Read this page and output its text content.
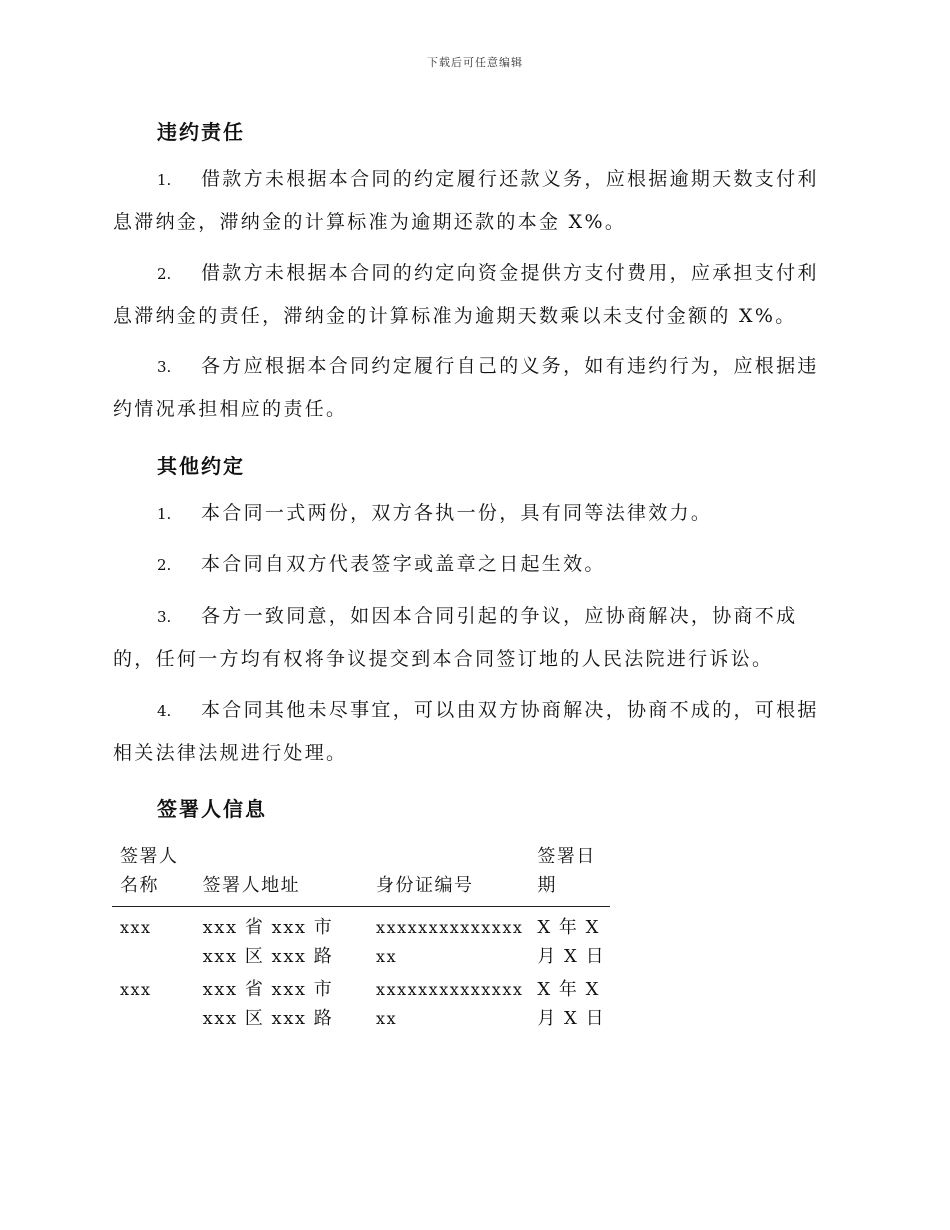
下载后可任意编辑
违约责任
1. 借款方未根据本合同的约定履行还款义务，应根据逾期天数支付利息滞纳金，滞纳金的计算标准为逾期还款的本金 X%。
2. 借款方未根据本合同的约定向资金提供方支付费用，应承担支付利息滞纳金的责任，滞纳金的计算标准为逾期天数乘以未支付金额的 X%。
3. 各方应根据本合同约定履行自己的义务，如有违约行为，应根据违约情况承担相应的责任。
其他约定
1. 本合同一式两份，双方各执一份，具有同等法律效力。
2. 本合同自双方代表签字或盖章之日起生效。
3. 各方一致同意，如因本合同引起的争议，应协商解决，协商不成的，任何一方均有权将争议提交到本合同签订地的人民法院进行诉讼。
4. 本合同其他未尽事宜，可以由双方协商解决，协商不成的，可根据相关法律法规进行处理。
签署人信息
签署人名称	签署人地址	身份证编号	签署日期
xxx	xxx 省 xxx 市 xxx 区 xxx 路	xxxxxxxxxxxxxxxx	X 年 X 月 X 日
xxx	xxx 省 xxx 市 xxx 区 xxx 路	xxxxxxxxxxxxxxxx	X 年 X 月 X 日
